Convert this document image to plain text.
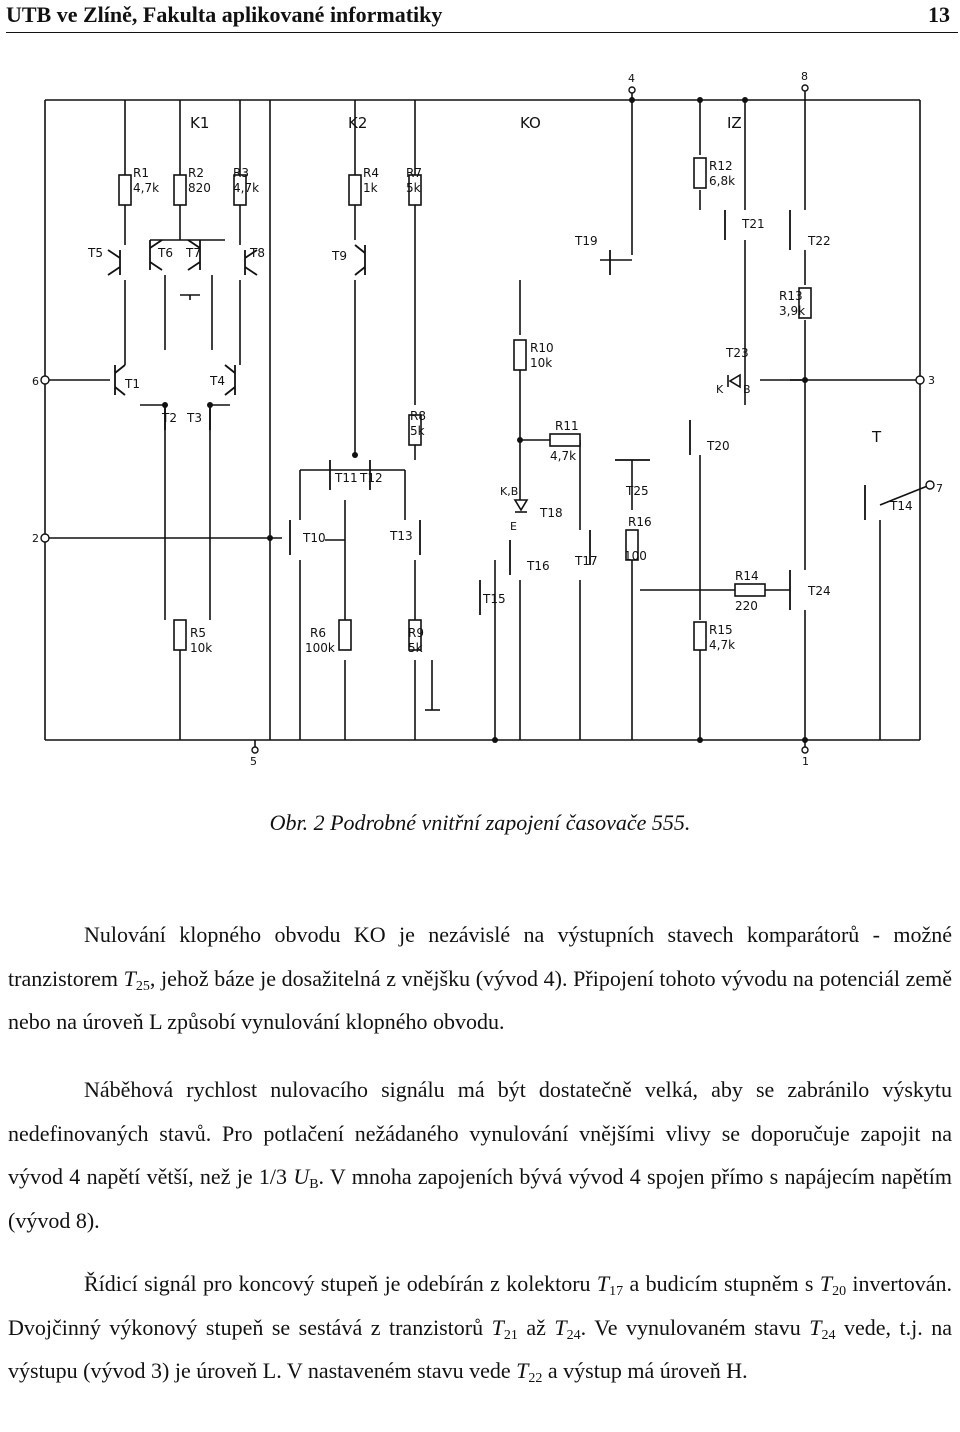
UTB ve Zlíně, Fakulta aplikované informatiky	13
K1	K2	KO	IZ
5	1
6
2
3
7
4	8
R1
4,7k
R2
820
R3
4,7k
R4
1k
R7
5k
R8
5k
R5
10k
R6
100k
R9
5k
R10
10k
R11
4,7k
R12
6,8k
R13
3,9k
R14
220
R15
4,7k
R16
100
T5	T6 T7	T8	T9
T1	T4
T2 T3
T11 T12
T10	T13
T15
T16 T17
T18
T19
T20
T21
T22
T23
T24
T25
T14
K,B
E
K B
T
Obr. 2 Podrobné vnitřní zapojení časovače 555.

Nulování klopného obvodu KO je nezávislé na výstupních stavech komparátorů - možné tranzistorem $T_{25}$, jehož báze je dosažitelná z vnějšku (vývod 4). Připojení tohoto vývodu na potenciál země nebo na úroveň L způsobí vynulování klopného obvodu.

Náběhová rychlost nulovacího signálu má být dostatečně velká, aby se zabránilo výskytu nedefinovaných stavů. Pro potlačení nežádaného vynulování vnějšími vlivy se doporučuje zapojit na vývod 4 napětí větší, než je 1/3 $U_B$. V mnoha zapojeních bývá vývod 4 spojen přímo s napájecím napětím (vývod 8).

Řídicí signál pro koncový stupeň je odebírán z kolektoru $T_{17}$ a budicím stupněm s $T_{20}$ invertován. Dvojčinný výkonový stupeň se sestává z tranzistorů $T_{21}$ až $T_{24}$. Ve vynulovaném stavu $T_{24}$ vede, t.j. na výstupu (vývod 3) je úroveň L. V nastaveném stavu vede $T_{22}$ a výstup má úroveň H.
